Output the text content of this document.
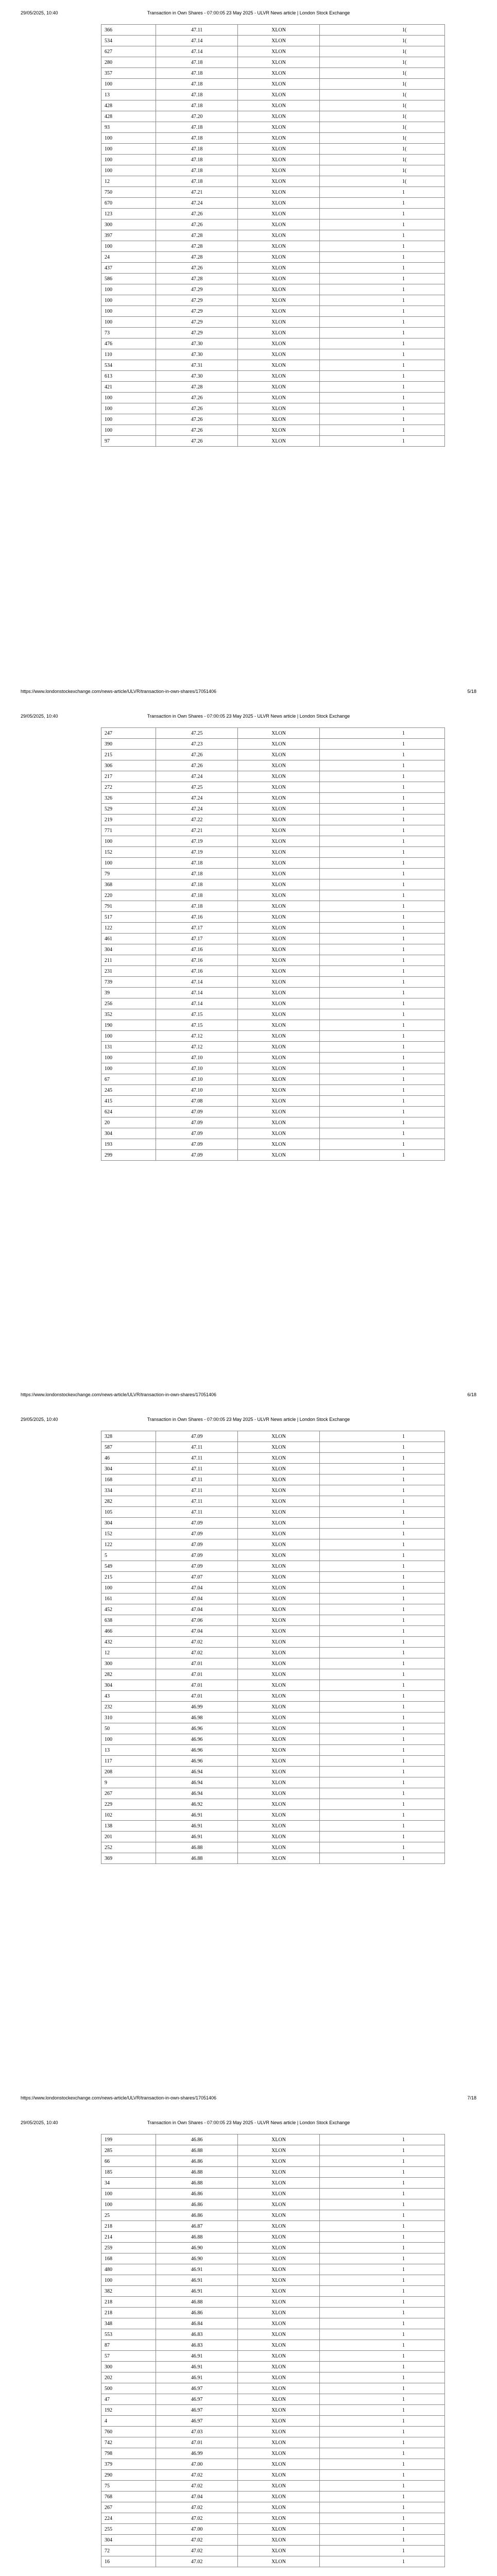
29/05/2025, 10:40	Transaction in Own Shares - 07:00:05 23 May 2025 - ULVR News article | London Stock Exchange
366	47.11	XLON	1(
534	47.14	XLON	1(
627	47.14	XLON	1(
280	47.18	XLON	1(
357	47.18	XLON	1(
100	47.18	XLON	1(
13	47.18	XLON	1(
428	47.18	XLON	1(
428	47.20	XLON	1(
93	47.18	XLON	1(
100	47.18	XLON	1(
100	47.18	XLON	1(
100	47.18	XLON	1(
100	47.18	XLON	1(
12	47.18	XLON	1(
750	47.21	XLON	1
670	47.24	XLON	1
123	47.26	XLON	1
300	47.26	XLON	1
397	47.28	XLON	1
100	47.28	XLON	1
24	47.28	XLON	1
437	47.26	XLON	1
586	47.28	XLON	1
100	47.29	XLON	1
100	47.29	XLON	1
100	47.29	XLON	1
100	47.29	XLON	1
73	47.29	XLON	1
476	47.30	XLON	1
110	47.30	XLON	1
534	47.31	XLON	1
613	47.30	XLON	1
421	47.28	XLON	1
100	47.26	XLON	1
100	47.26	XLON	1
100	47.26	XLON	1
100	47.26	XLON	1
97	47.26	XLON	1
https://www.londonstockexchange.com/news-article/ULVR/transaction-in-own-shares/17051406	5/18
29/05/2025, 10:40	Transaction in Own Shares - 07:00:05 23 May 2025 - ULVR News article | London Stock Exchange
247	47.25	XLON	1
390	47.23	XLON	1
215	47.26	XLON	1
306	47.26	XLON	1
217	47.24	XLON	1
272	47.25	XLON	1
326	47.24	XLON	1
529	47.24	XLON	1
219	47.22	XLON	1
771	47.21	XLON	1
100	47.19	XLON	1
152	47.19	XLON	1
100	47.18	XLON	1
79	47.18	XLON	1
368	47.18	XLON	1
220	47.18	XLON	1
791	47.18	XLON	1
517	47.16	XLON	1
122	47.17	XLON	1
461	47.17	XLON	1
304	47.16	XLON	1
211	47.16	XLON	1
231	47.16	XLON	1
739	47.14	XLON	1
39	47.14	XLON	1
256	47.14	XLON	1
352	47.15	XLON	1
190	47.15	XLON	1
100	47.12	XLON	1
131	47.12	XLON	1
100	47.10	XLON	1
100	47.10	XLON	1
67	47.10	XLON	1
245	47.10	XLON	1
415	47.08	XLON	1
624	47.09	XLON	1
20	47.09	XLON	1
304	47.09	XLON	1
193	47.09	XLON	1
299	47.09	XLON	1
https://www.londonstockexchange.com/news-article/ULVR/transaction-in-own-shares/17051406	6/18
29/05/2025, 10:40	Transaction in Own Shares - 07:00:05 23 May 2025 - ULVR News article | London Stock Exchange
328	47.09	XLON	1
587	47.11	XLON	1
46	47.11	XLON	1
304	47.11	XLON	1
168	47.11	XLON	1
334	47.11	XLON	1
282	47.11	XLON	1
105	47.11	XLON	1
304	47.09	XLON	1
152	47.09	XLON	1
122	47.09	XLON	1
5	47.09	XLON	1
549	47.09	XLON	1
215	47.07	XLON	1
100	47.04	XLON	1
161	47.04	XLON	1
452	47.04	XLON	1
638	47.06	XLON	1
466	47.04	XLON	1
432	47.02	XLON	1
12	47.02	XLON	1
300	47.01	XLON	1
282	47.01	XLON	1
304	47.01	XLON	1
43	47.01	XLON	1
232	46.99	XLON	1
310	46.98	XLON	1
50	46.96	XLON	1
100	46.96	XLON	1
13	46.96	XLON	1
117	46.96	XLON	1
208	46.94	XLON	1
9	46.94	XLON	1
267	46.94	XLON	1
229	46.92	XLON	1
102	46.91	XLON	1
138	46.91	XLON	1
201	46.91	XLON	1
252	46.88	XLON	1
369	46.88	XLON	1
https://www.londonstockexchange.com/news-article/ULVR/transaction-in-own-shares/17051406	7/18
29/05/2025, 10:40	Transaction in Own Shares - 07:00:05 23 May 2025 - ULVR News article | London Stock Exchange
199	46.86	XLON	1
285	46.88	XLON	1
66	46.86	XLON	1
185	46.88	XLON	1
34	46.88	XLON	1
100	46.86	XLON	1
100	46.86	XLON	1
25	46.86	XLON	1
218	46.87	XLON	1
214	46.88	XLON	1
259	46.90	XLON	1
168	46.90	XLON	1
480	46.91	XLON	1
100	46.91	XLON	1
382	46.91	XLON	1
218	46.88	XLON	1
218	46.86	XLON	1
348	46.84	XLON	1
553	46.83	XLON	1
87	46.83	XLON	1
57	46.91	XLON	1
300	46.91	XLON	1
202	46.91	XLON	1
500	46.97	XLON	1
47	46.97	XLON	1
192	46.97	XLON	1
4	46.97	XLON	1
760	47.03	XLON	1
742	47.01	XLON	1
798	46.99	XLON	1
379	47.00	XLON	1
290	47.02	XLON	1
75	47.02	XLON	1
768	47.04	XLON	1
267	47.02	XLON	1
224	47.02	XLON	1
255	47.00	XLON	1
304	47.02	XLON	1
72	47.02	XLON	1
16	47.02	XLON	1
